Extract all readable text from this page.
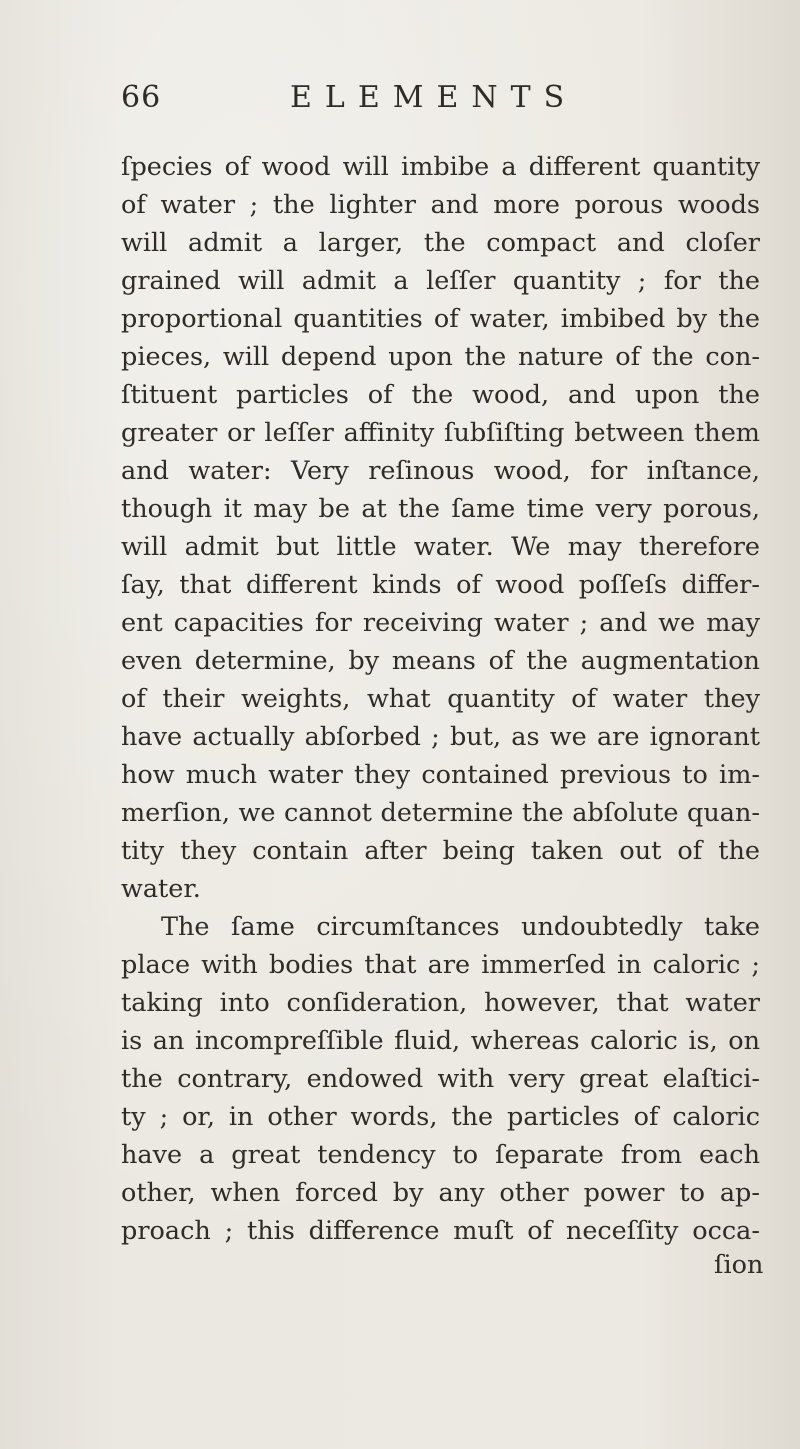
66	ELEMENTS
ſpecies of wood will imbibe a different quantity
of water ; the lighter and more porous woods
will admit a larger, the compact and cloſer
grained will admit a leſſer quantity ; for the
proportional quantities of water, imbibed by the
pieces, will depend upon the nature of the con-
ſtituent particles of the wood, and upon the
greater or leſſer affinity ſubſiſting between them
and water: Very reſinous wood, for inſtance,
though it may be at the ſame time very porous,
will admit but little water. We may therefore
ſay, that different kinds of wood poſſeſs differ-
ent capacities for receiving water ; and we may
even determine, by means of the augmentation
of their weights, what quantity of water they
have actually abſorbed ; but, as we are ignorant
how much water they contained previous to im-
merſion, we cannot determine the abſolute quan-
tity they contain after being taken out of the
water.
The ſame circumſtances undoubtedly take
place with bodies that are immerſed in caloric ;
taking into conſideration, however, that water
is an incompreſſible fluid, whereas caloric is, on
the contrary, endowed with very great elaſtici-
ty ; or, in other words, the particles of caloric
have a great tendency to ſeparate from each
other, when forced by any other power to ap-
proach ; this difference muſt of neceſſity occa-
ſion
